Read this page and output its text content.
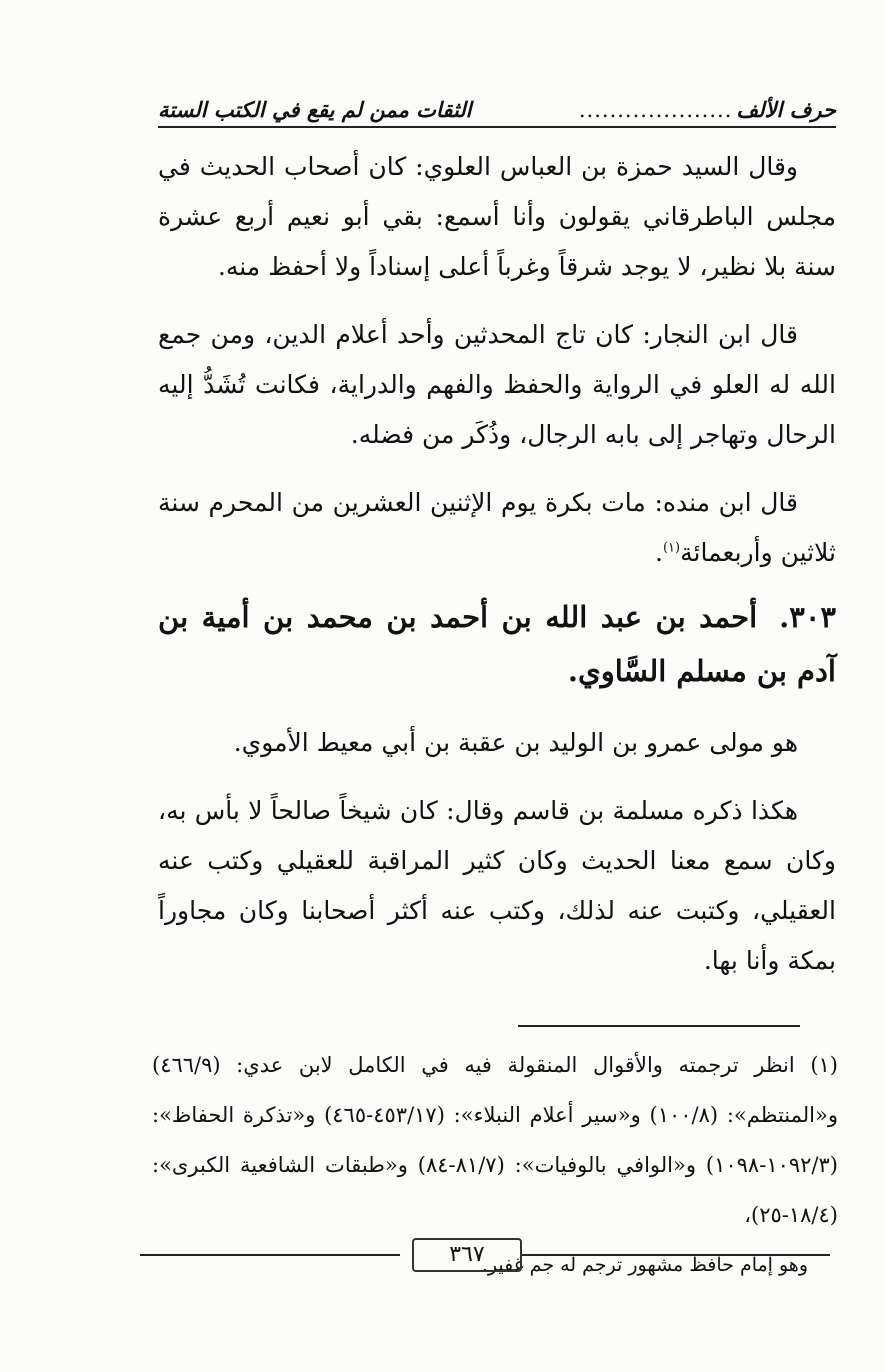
حرف الألف
....................
الثقات ممن لم يقع في الكتب الستة

وقال السيد حمزة بن العباس العلوي: كان أصحاب الحديث في مجلس الباطرقاني يقولون وأنا أسمع: بقي أبو نعيم أربع عشرة سنة بلا نظير، لا يوجد شرقاً وغرباً أعلى إسناداً ولا أحفظ منه.

قال ابن النجار: كان تاج المحدثين وأحد أعلام الدين، ومن جمع الله له العلو في الرواية والحفظ والفهم والدراية، فكانت تُشَدُّ إليه الرحال وتهاجر إلى بابه الرجال، وذُكَر من فضله.

قال ابن منده: مات بكرة يوم الإثنين العشرين من المحرم سنة ثلاثين وأربعمائة$^{(١)}$.

٣٠٣.أحمد بن عبد الله بن أحمد بن محمد بن أمية بن آدم بن مسلم السَّاوي.

هو مولى عمرو بن الوليد بن عقبة بن أبي معيط الأموي.

هكذا ذكره مسلمة بن قاسم وقال: كان شيخاً صالحاً لا بأس به، وكان سمع معنا الحديث وكان كثير المراقبة للعقيلي وكتب عنه العقيلي، وكتبت عنه لذلك، وكتب عنه أكثر أصحابنا وكان مجاوراً بمكة وأنا بها.

(١) انظر ترجمته والأقوال المنقولة فيه في الكامل لابن عدي: (٤٦٦/٩) و«المنتظم»: (١٠٠/٨) و«سير أعلام النبلاء»: (٤٥٣/١٧-٤٦٥) و«تذكرة الحفاظ»: (١٠٩٢/٣-١٠٩٨) و«الوافي بالوفيات»: (٨١/٧-٨٤) و«طبقات الشافعية الكبرى»: (١٨/٤-٢٥)،

وهو إمام حافظ مشهور ترجم له جم غفير.

٣٦٧
